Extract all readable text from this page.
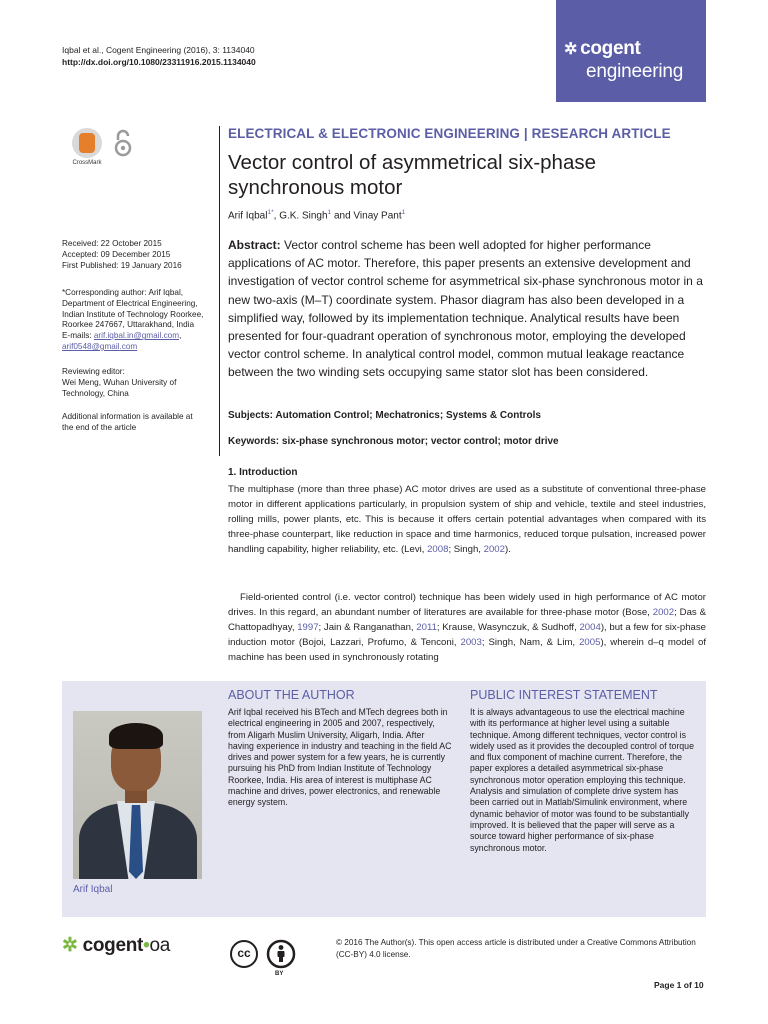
Iqbal et al., Cogent Engineering (2016), 3: 1134040
http://dx.doi.org/10.1080/23311916.2015.1134040
✲ cogent
engineering
CrossMark
ELECTRICAL & ELECTRONIC ENGINEERING | RESEARCH ARTICLE
Vector control of asymmetrical six-phase synchronous motor
Arif Iqbal$^{1*}$, G.K. Singh$^1$ and Vinay Pant$^1$
Received: 22 October 2015
Accepted: 09 December 2015
First Published: 19 January 2016
*Corresponding author: Arif Iqbal,
Department of Electrical Engineering,
Indian Institute of Technology Roorkee,
Roorkee 247667, Uttarakhand, India
E-mails: arif.iqbal.in@gmail.com,
arif0548@gmail.com
Reviewing editor:
Wei Meng, Wuhan University of
Technology, China
Additional information is available at
the end of the article
Abstract: Vector control scheme has been well adopted for higher performance applications of AC motor. Therefore, this paper presents an extensive development and investigation of vector control scheme for asymmetrical six-phase synchronous motor in a new two-axis (M–T) coordinate system. Phasor diagram has also been developed in a simplified way, followed by its implementation technique. Analytical results have been presented for four-quadrant operation of synchronous motor, employing the developed vector control scheme. In analytical control model, common mutual leakage reactance between the two winding sets occupying same stator slot has been considered.
Subjects: Automation Control; Mechatronics; Systems & Controls
Keywords: six-phase synchronous motor; vector control; motor drive
1. Introduction
The multiphase (more than three phase) AC motor drives are used as a substitute of conventional three-phase motor in different applications particularly, in propulsion system of ship and vehicle, textile and steel industries, rolling mills, power plants, etc. This is because it offers certain potential advantages when compared with its three-phase counterpart, like reduction in space and time harmonics, reduced torque pulsation, increased power handling capability, higher reliability, etc. (Levi, 2008; Singh, 2002).
Field-oriented control (i.e. vector control) technique has been widely used in high performance of AC motor drives. In this regard, an abundant number of literatures are available for three-phase motor (Bose, 2002; Das & Chattopadhyay, 1997; Jain & Ranganathan, 2011; Krause, Wasynczuk, & Sudhoff, 2004), but a few for six-phase induction motor (Bojoi, Lazzari, Profumo, & Tenconi, 2003; Singh, Nam, & Lim, 2005), wherein d–q model of machine has been used in synchronously rotating
Arif Iqbal
ABOUT THE AUTHOR
Arif Iqbal received his BTech and MTech degrees both in electrical engineering in 2005 and 2007, respectively, from Aligarh Muslim University, Aligarh, India. After having experience in industry and teaching in the field AC drives and power system for a few years, he is currently pursuing his PhD from Indian Institute of Technology Roorkee, India. His area of interest is multiphase AC machine and drives, power electronics, and renewable energy system.
PUBLIC INTEREST STATEMENT
It is always advantageous to use the electrical machine with its performance at higher level using a suitable technique. Among different techniques, vector control is widely used as it provides the decoupled control of torque and flux component of machine current. Therefore, the paper explores a detailed asymmetrical six-phase synchronous motor operation employing this technique. Analysis and simulation of complete drive system has been carried out in Matlab/Simulink environment, where dynamic behavior of motor was found to be substantially improved. It is believed that the paper will serve as a source toward higher performance of six-phase synchronous motor.
✲ cogent•oa	cc
BY
© 2016 The Author(s). This open access article is distributed under a Creative Commons Attribution (CC-BY) 4.0 license.
Page 1 of 10
